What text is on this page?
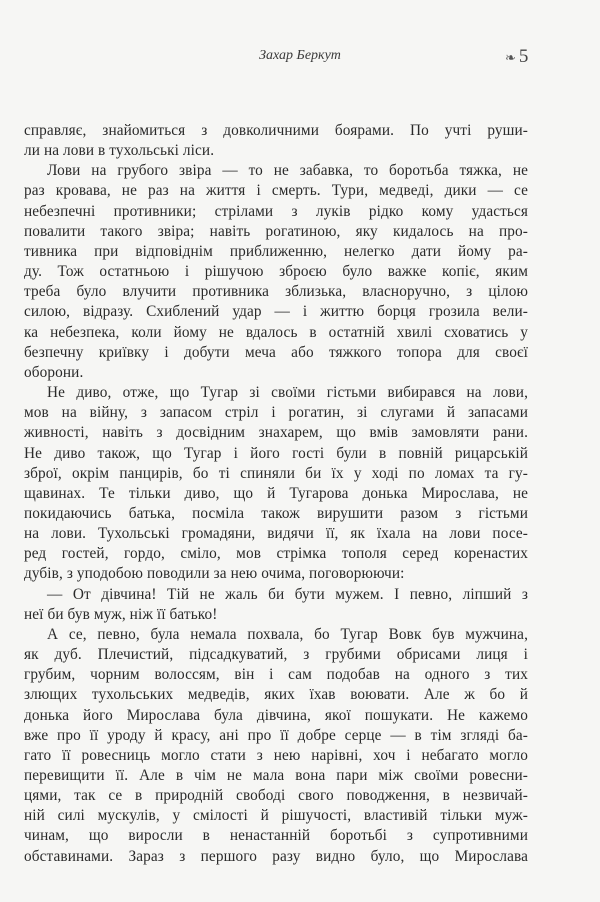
Захар Беркут	❧ 5
справляє, знайомиться з довколичними боярами. По учті руши-
ли на лови в тухольські ліси.
Лови на грубого звіра — то не забавка, то боротьба тяжка, не
раз кровава, не раз на життя і смерть. Тури, медведі, дики — се
небезпечні противники; стрілами з луків рідко кому удасться
повалити такого звіра; навіть рогатиною, яку кидалось на про-
тивника при відповіднім приближенню, нелегко дати йому ра-
ду. Тож остатньою і рішучою зброєю було важке копіє, яким
треба було влучити противника зблизька, власноручно, з цілою
силою, відразу. Схиблений удар — і життю борця грозила вели-
ка небезпека, коли йому не вдалось в остатній хвилі сховатись у
безпечну криївку і добути меча або тяжкого топора для своєї
оборони.
Не диво, отже, що Тугар зі своїми гістьми вибирався на лови,
мов на війну, з запасом стріл і рогатин, зі слугами й запасами
живності, навіть з досвідним знахарем, що вмів замовляти рани.
Не диво також, що Тугар і його гості були в повній рицарській
зброї, окрім панцирів, бо ті спиняли би їх у ході по ломах та гу-
щавинах. Те тільки диво, що й Тугарова донька Мирослава, не
покидаючись батька, посміла також вирушити разом з гістьми
на лови. Тухольські громадяни, видячи її, як їхала на лови посе-
ред гостей, гордо, сміло, мов стрімка тополя серед коренастих
дубів, з уподобою поводили за нею очима, поговорюючи:
— От дівчина! Тій не жаль би бути мужем. І певно, ліпший з
неї би був муж, ніж її батько!
А се, певно, була немала похвала, бо Тугар Вовк був мужчина,
як дуб. Плечистий, підсадкуватий, з грубими обрисами лиця і
грубим, чорним волоссям, він і сам подобав на одного з тих
злющих тухольських медведів, яких їхав воювати. Але ж бо й
донька його Мирослава була дівчина, якої пошукати. Не кажемо
вже про її уроду й красу, ані про її добре серце — в тім згляді ба-
гато її ровесниць могло стати з нею нарівні, хоч і небагато могло
перевищити її. Але в чім не мала вона пари між своїми ровесни-
цями, так се в природній свободі свого поводження, в незвичай-
ній силі мускулів, у смілості й рішучості, властивій тільки муж-
чинам, що виросли в ненастанній боротьбі з супротивними
обставинами. Зараз з першого разу видно було, що Мирослава
